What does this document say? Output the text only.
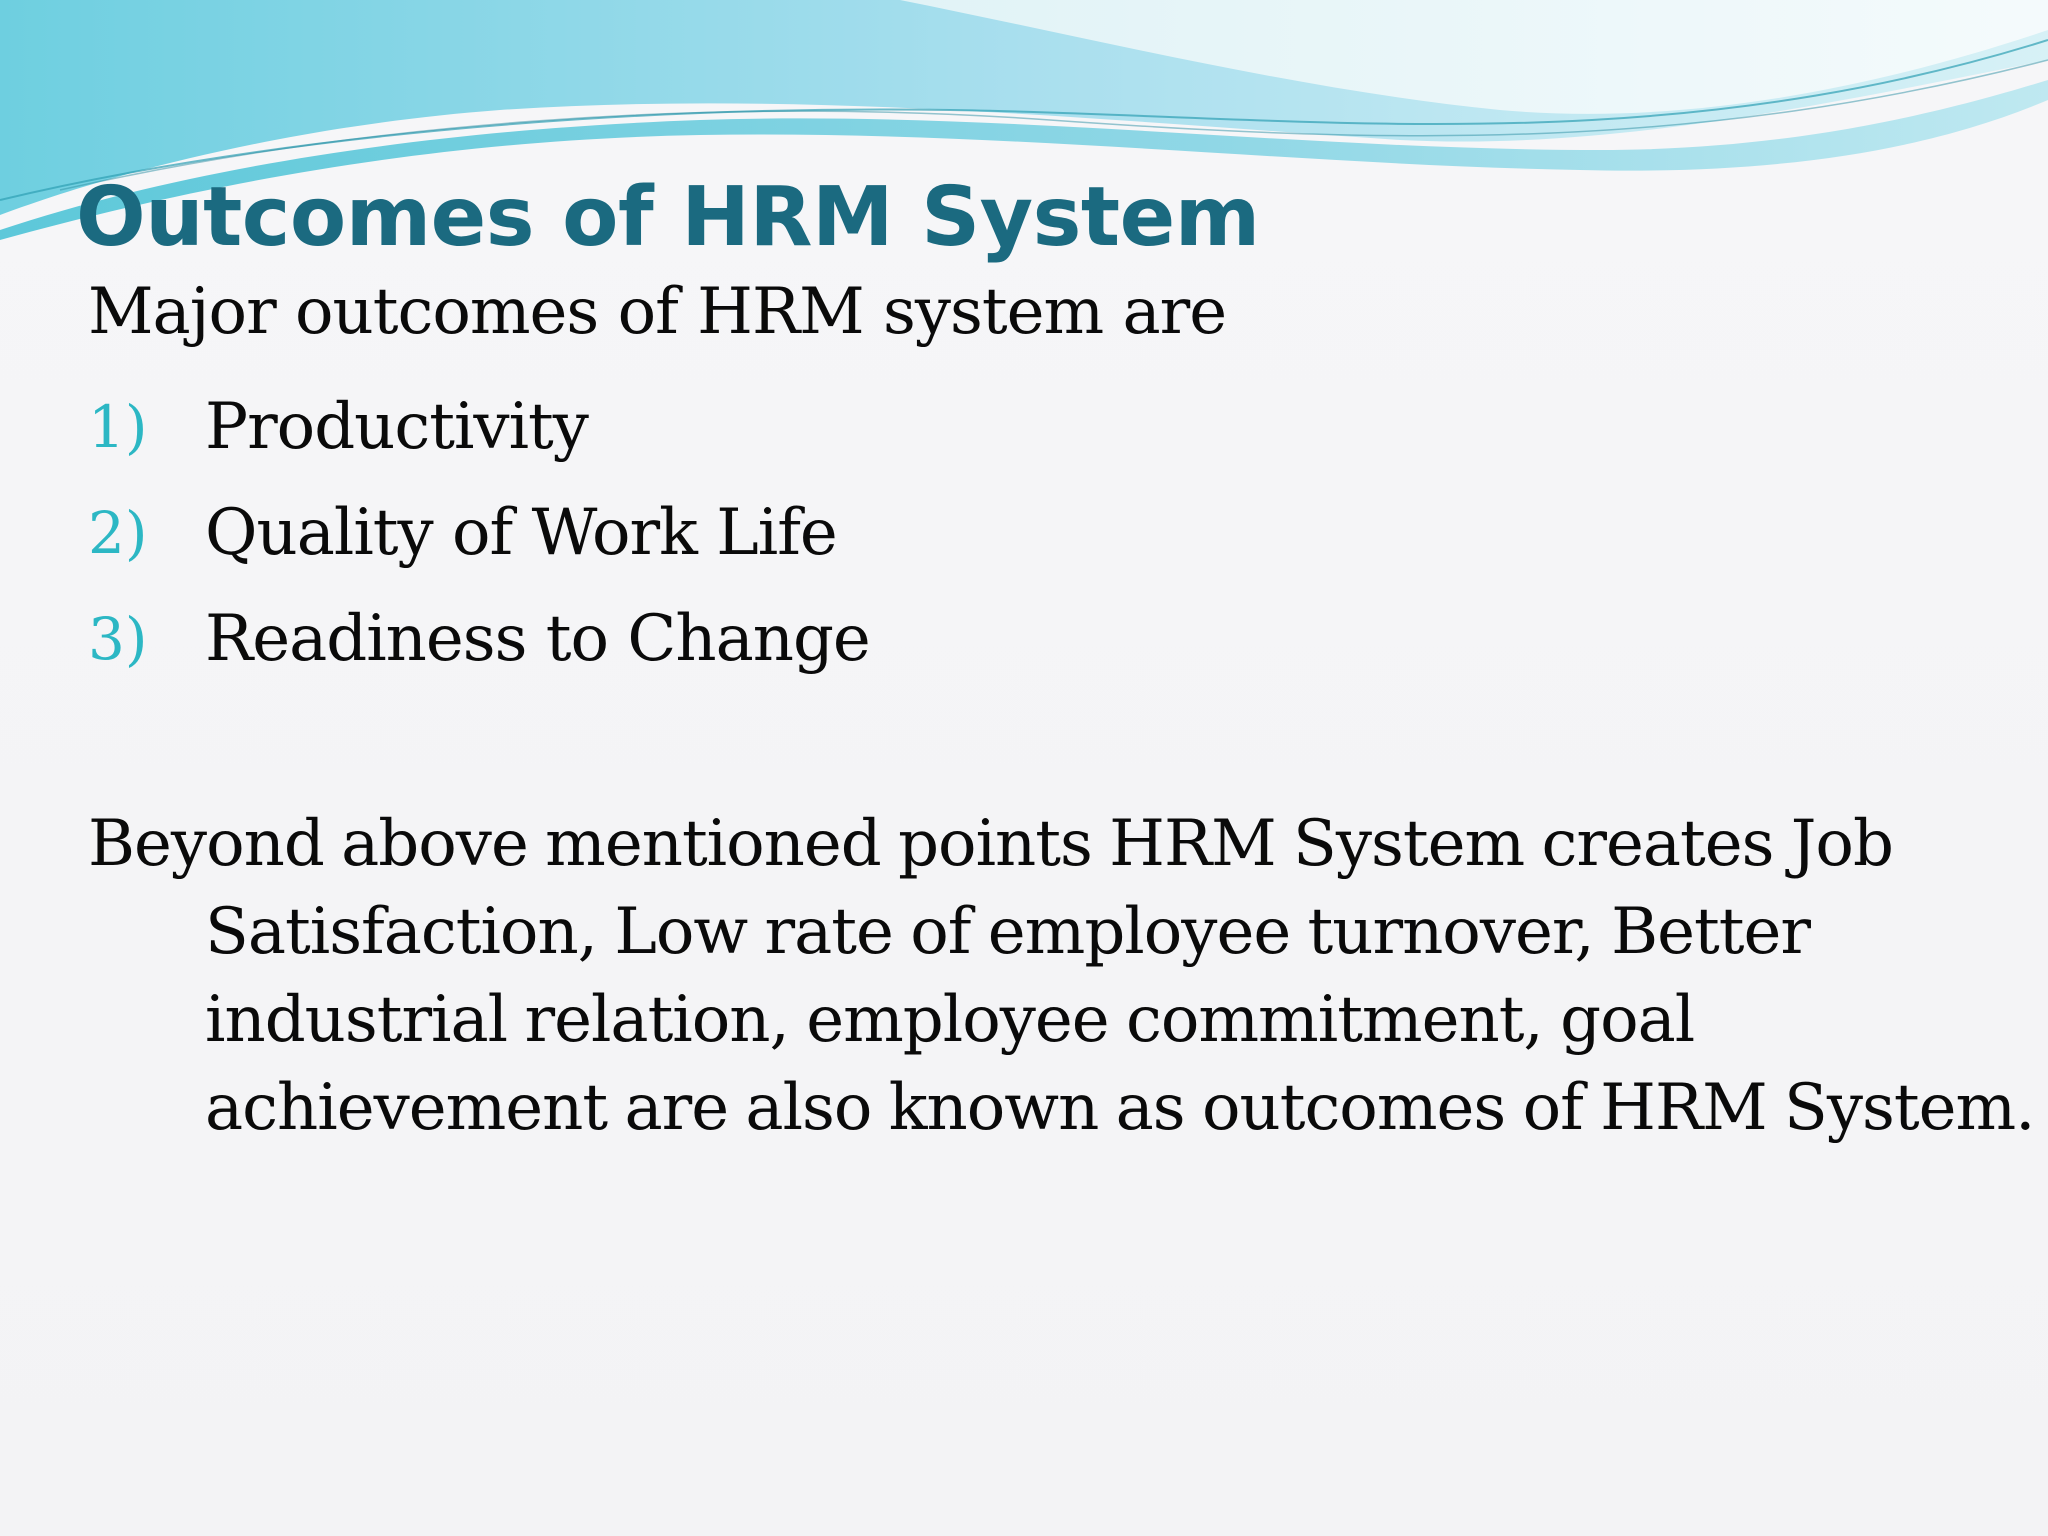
Outcomes of HRM System

Major outcomes of HRM system are

1) Productivity
2) Quality of Work Life
3) Readiness to Change

Beyond above mentioned points HRM System creates Job Satisfaction, Low rate of employee turnover, Better industrial relation, employee commitment, goal achievement are also known as outcomes of HRM System.
